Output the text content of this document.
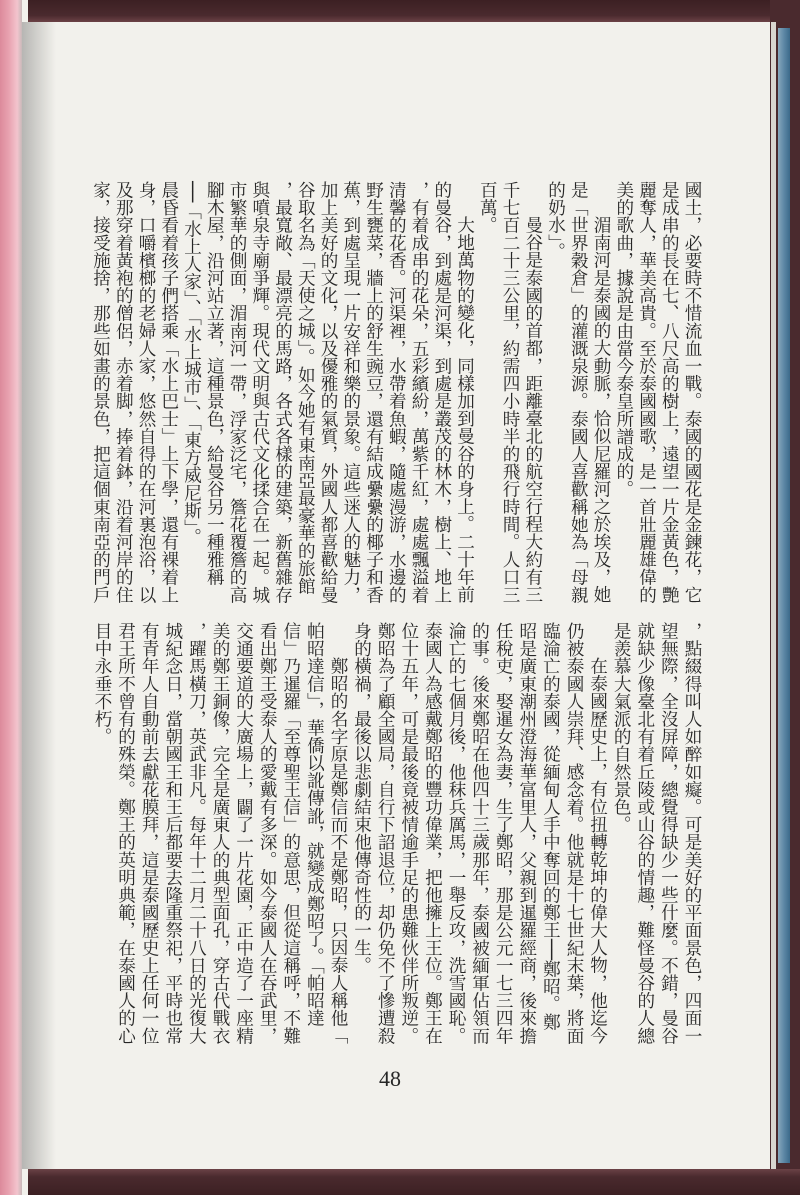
國土，必要時不惜流血一戰。泰國的國花是金鍊花，它
是成串的長在七、八尺高的樹上，遠望一片金黃色，艷
麗奪人，華美高貴。至於泰國國歌，是一首壯麗雄偉的
美的歌曲，據說是由當今泰皇所譜成的。
湄南河是泰國的大動脈，恰似尼羅河之於埃及，她
是「世界穀倉」的灌溉泉源。泰國人喜歡稱她為「母親
的奶水」。
曼谷是泰國的首都，距離臺北的航空行程大約有三
千七百二十三公里，約需四小時半的飛行時間。人口三
百萬。
大地萬物的變化，同樣加到曼谷的身上。二十年前
的曼谷，到處是河渠，到處是叢茂的林木，樹上、地上
，有着成串的花朵，五彩繽紛，萬紫千紅，處處飄溢着
清馨的花香。河渠裡，水帶着魚蝦，隨處漫游，水邊的
野生甕菜，牆上的舒生豌豆，還有結成纍纍的椰子和香
蕉，到處呈現一片安祥和樂的景象。這些迷人的魅力，
加上美好的文化，以及優雅的氣質，外國人都喜歡給曼
谷取名為「天使之城」。如今她有東南亞最豪華的旅館
，最寬敞、最漂亮的馬路，各式各樣的建築，新舊雜存
與噴泉寺廟爭輝。現代文明與古代文化揉合在一起。城
市繁華的側面，湄南河一帶，浮家泛宅，簷花覆簷的高
腳木屋，沿河站立著，這種景色，給曼谷另一種雅稱
──「水上人家」、「水上城市」、「東方威尼斯」。
晨昏看着孩子們搭乘「水上巴士」上下學，還有裸着上
身，口嚼檳榔的老婦人家，悠然自得的在河裏泡浴，以
及那穿着黃袍的僧侶，赤着脚，捧着鉢，沿着河岸的住
家，接受施捨，那些如畫的景色，把這個東南亞的門戶
，點綴得叫人如醉如癡。可是美好的平面景色，四面一
望無際，全沒屏障，總覺得缺少一些什麼。不錯，曼谷
就缺少像臺北有着丘陵或山谷的情趣，難怪曼谷的人總
是羨慕大氣派的自然景色。
在泰國歷史上，有位扭轉乾坤的偉大人物，他迄今
仍被泰國人崇拜、感念着。他就是十七世紀末葉，將面
臨淪亡的泰國，從緬甸人手中奪回的鄭王──鄭昭。鄭
昭是廣東潮州澄海華富里人，父親到暹羅經商，後來擔
任稅吏，娶暹女為妻，生了鄭昭，那是公元一七三四年
的事。後來鄭昭在他四十三歲那年，泰國被緬軍佔領而
淪亡的七個月後，他秣兵厲馬，一舉反攻，洗雪國恥。
泰國人為感戴鄭昭的豐功偉業，把他擁上王位。鄭王在
位十五年，可是最後竟被情逾手足的患難伙伴所叛逆。
鄭昭為了顧全國局，自行下詔退位，却仍免不了慘遭殺
身的橫禍，最後以悲劇結束他傳奇性的一生。
鄭昭的名字原是鄭信而不是鄭昭，只因泰人稱他「
帕昭達信」，華僑以訛傳訛，就變成鄭昭了。「帕昭達
信」乃暹羅「至尊聖王信」的意思，但從這稱呼，不難
看出鄭王受泰人的愛戴有多深。如今泰國人在吞武里，
交通要道的大廣場上，闢了一片花園，正中造了一座精
美的鄭王銅像，完全是廣東人的典型面孔，穿古代戰衣
，躍馬橫刀，英武非凡。每年十二月二十八日的光復大
城紀念日，當朝國王和王后都要去隆重祭祀，平時也常
有青年人自動前去獻花膜拜，這是泰國歷史上任何一位
君王所不曾有的殊榮。鄭王的英明典範，在泰國人的心
目中永垂不朽。
48
